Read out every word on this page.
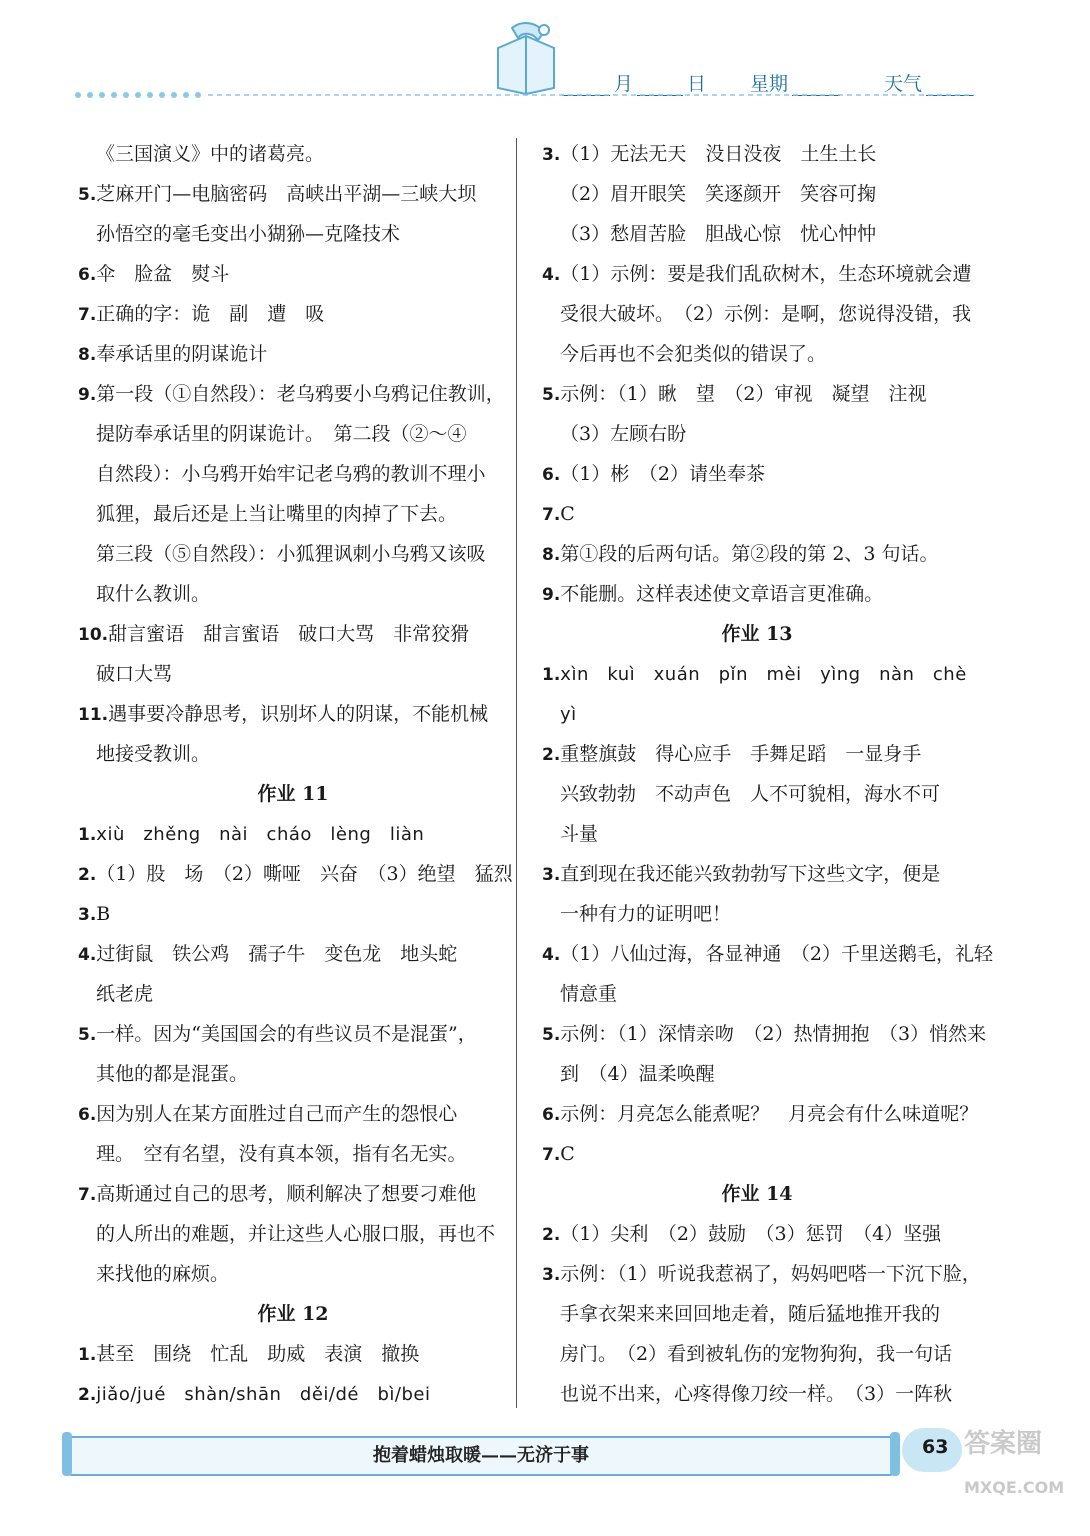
月	日 星期	天气
《三国演义》中的诸葛亮。
5.芝麻开门—电脑密码　高峡出平湖—三峡大坝
孙悟空的毫毛变出小猢狲—克隆技术
6.伞　脸盆　熨斗
7.正确的字：诡　副　遭　吸
8.奉承话里的阴谋诡计
9.第一段（①自然段）：老乌鸦要小乌鸦记住教训，
提防奉承话里的阴谋诡计。　第二段（②～④
自然段）：小乌鸦开始牢记老乌鸦的教训不理小
狐狸，最后还是上当让嘴里的肉掉了下去。
第三段（⑤自然段）：小狐狸讽刺小乌鸦又该吸
取什么教训。
10.甜言蜜语　甜言蜜语　破口大骂　非常狡猾
破口大骂
11.遇事要冷静思考，识别坏人的阴谋，不能机械
地接受教训。
作业 11
1.xiù　zhěng　nài　cháo　lèng　liàn
2.（1）股　场　（2）嘶哑　兴奋　（3）绝望　猛烈
3.B
4.过街鼠　铁公鸡　孺子牛　变色龙　地头蛇
纸老虎
5.一样。因为“美国国会的有些议员不是混蛋”，
其他的都是混蛋。
6.因为别人在某方面胜过自己而产生的怨恨心
理。　空有名望，没有真本领，指有名无实。
7.高斯通过自己的思考，顺利解决了想要刁难他
的人所出的难题，并让这些人心服口服，再也不
来找他的麻烦。
作业 12
1.甚至　围绕　忙乱　助威　表演　撤换
2.jiǎo/jué　shàn/shān　děi/dé　bì/bei
3.（1）无法无天　没日没夜　土生土长
（2）眉开眼笑　笑逐颜开　笑容可掬
（3）愁眉苦脸　胆战心惊　忧心忡忡
4.（1）示例：要是我们乱砍树木，生态环境就会遭
受很大破坏。　（2）示例：是啊，您说得没错，我
今后再也不会犯类似的错误了。
5.示例：（1）瞅　望　（2）审视　凝望　注视
（3）左顾右盼
6.（1）彬　（2）请坐奉茶
7.C
8.第①段的后两句话。第②段的第 2、3 句话。
9.不能删。这样表述使文章语言更准确。
作业 13
1.xìn　kuì　xuán　pǐn　mèi　yìng　nàn　chè
yì
2.重整旗鼓　得心应手　手舞足蹈　一显身手
兴致勃勃　不动声色　人不可貌相，海水不可
斗量
3.直到现在我还能兴致勃勃写下这些文字，便是
一种有力的证明吧！
4.（1）八仙过海，各显神通　（2）千里送鹅毛，礼轻
情意重
5.示例：（1）深情亲吻　（2）热情拥抱　（3）悄然来
到　（4）温柔唤醒
6.示例：月亮怎么能煮呢？　月亮会有什么味道呢？
7.C
作业 14
2.（1）尖利　（2）鼓励　（3）惩罚　（4）坚强
3.示例：（1）听说我惹祸了，妈妈吧嗒一下沉下脸，
手拿衣架来来回回地走着，随后猛地推开我的
房门。　（2）看到被轧伤的宠物狗狗，我一句话
也说不出来，心疼得像刀绞一样。　（3）一阵秋
抱着蜡烛取暖——无济于事	63 答案圈
MXQE.COM
